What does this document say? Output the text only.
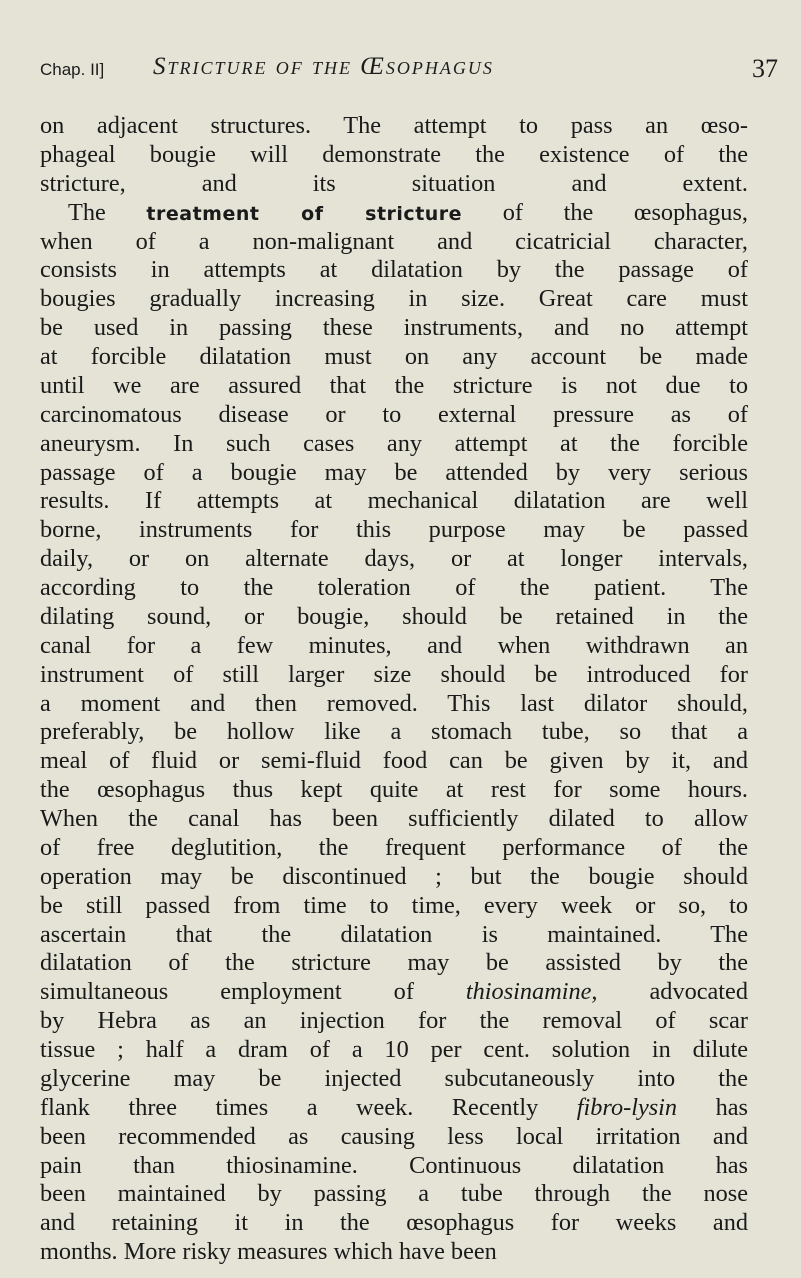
Chap. II] Stricture of the Œsophagus	37
on adjacent structures. The attempt to pass an œso-
phageal bougie will demonstrate the existence of the
stricture, and its situation and extent.
The treatment of stricture of the œsophagus,
when of a non-malignant and cicatricial character,
consists in attempts at dilatation by the passage of
bougies gradually increasing in size. Great care must
be used in passing these instruments, and no attempt
at forcible dilatation must on any account be made
until we are assured that the stricture is not due to
carcinomatous disease or to external pressure as of
aneurysm. In such cases any attempt at the forcible
passage of a bougie may be attended by very serious
results. If attempts at mechanical dilatation are well
borne, instruments for this purpose may be passed
daily, or on alternate days, or at longer intervals,
according to the toleration of the patient. The
dilating sound, or bougie, should be retained in the
canal for a few minutes, and when withdrawn an
instrument of still larger size should be introduced for
a moment and then removed. This last dilator should,
preferably, be hollow like a stomach tube, so that a
meal of fluid or semi-fluid food can be given by it, and
the œsophagus thus kept quite at rest for some hours.
When the canal has been sufficiently dilated to allow
of free deglutition, the frequent performance of the
operation may be discontinued ; but the bougie should
be still passed from time to time, every week or so, to
ascertain that the dilatation is maintained. The
dilatation of the stricture may be assisted by the
simultaneous employment of thiosinamine, advocated
by Hebra as an injection for the removal of scar
tissue ; half a dram of a 10 per cent. solution in dilute
glycerine may be injected subcutaneously into the
flank three times a week. Recently fibro-lysin has
been recommended as causing less local irritation and
pain than thiosinamine. Continuous dilatation has
been maintained by passing a tube through the nose
and retaining it in the œsophagus for weeks and
months. More risky measures which have been
